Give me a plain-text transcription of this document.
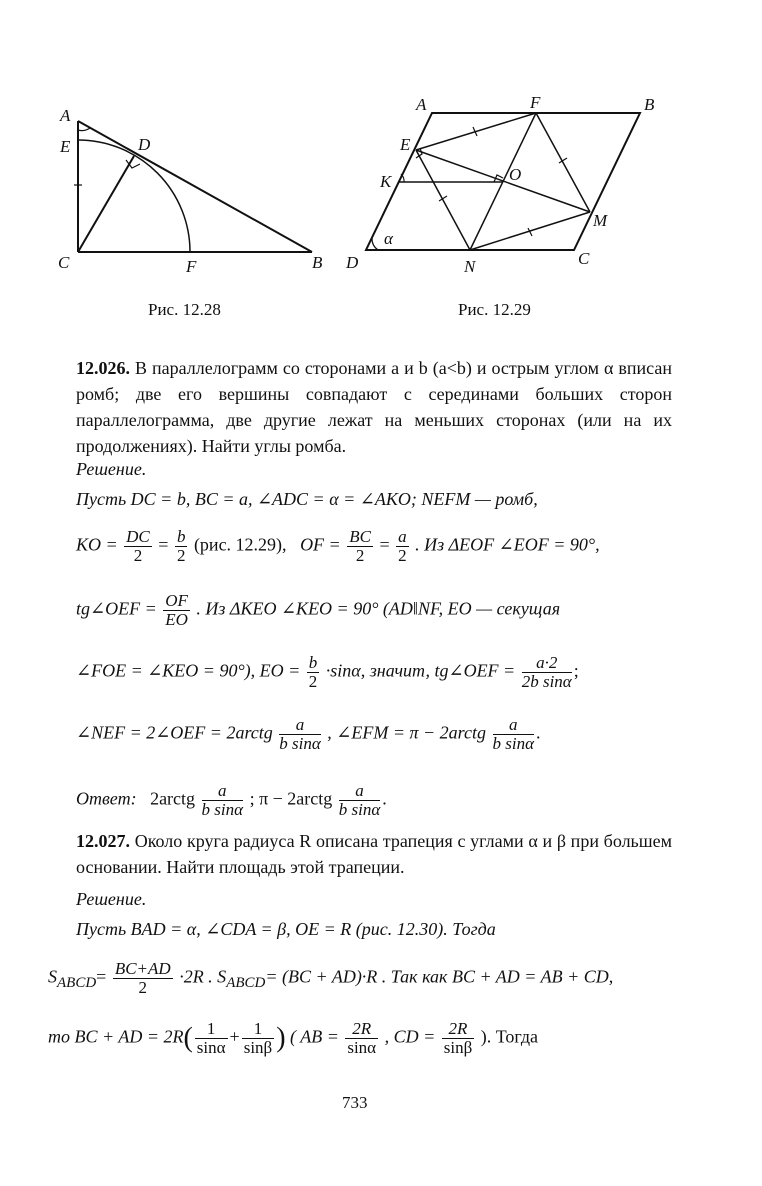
A
E	D
C	F	B
A	F	B
E
K	O
M
α
D	N	C
Рис. 12.28	Рис. 12.29
12.026. В параллелограмм со сторонами a и b (a<b) и острым углом α вписан ромб; две его вершины совпадают с серединами больших сторон параллелограмма, две другие лежат на меньших сторонах (или на их продолжениях). Найти углы ромба.
Решение.
Пусть DC = b, BC = a, ∠ADC = α = ∠AKO; NEFM — ромб,
KO = $\frac{DC}{2} = \frac{b}{2} (рис$. 12.29), OF = $\frac{BC}{2} = \frac{a}{2}$ . Из ΔEOF ∠EOF = 90°,
tg∠OEF = $\frac{OF}{EO}$ . Из ΔKEO ∠KEO = 90° (AD‖NF, EO — секущая
∠FOE = ∠KEO = 90°), EO = $\frac{b}{2} \cdot\sin\alpha$, значит, tg∠OEF = $\frac{a\cdot 2}{\text{2b sinα}}$ ;
∠NEF = 2∠OEF = 2arctg $\frac{a}{\text{b sinα}}$ , ∠EFM = π − 2arctg $\frac{a}{\text{b sinα}}$ .
Ответ: 2arctg $\frac{a}{\text{b sinα}}$ ; π − 2arctg $\frac{a}{\text{b sinα}}$ .
12.027. Около круга радиуса R описана трапеция с углами α и β при большем основании. Найти площадь этой трапеции.
Решение.
Пусть BAD = α, ∠CDA = β, OE = R (рис. 12.30). Тогда
$S_{ABCD}= \frac{BC+AD}{2} \cdot 2R$ . $S_{ABCD}= (BC + AD)\cdot R$ . Так как BC + AD = AB + CD,
то BC + AD = $2R( \frac{1}{\sin\alpha} + \frac{1}{\sin\beta}$ ) ( AB = $\frac{2R}{\sin\alpha}$ , CD = $\frac{2R}{\sin\beta}$ ). Тогда
733
